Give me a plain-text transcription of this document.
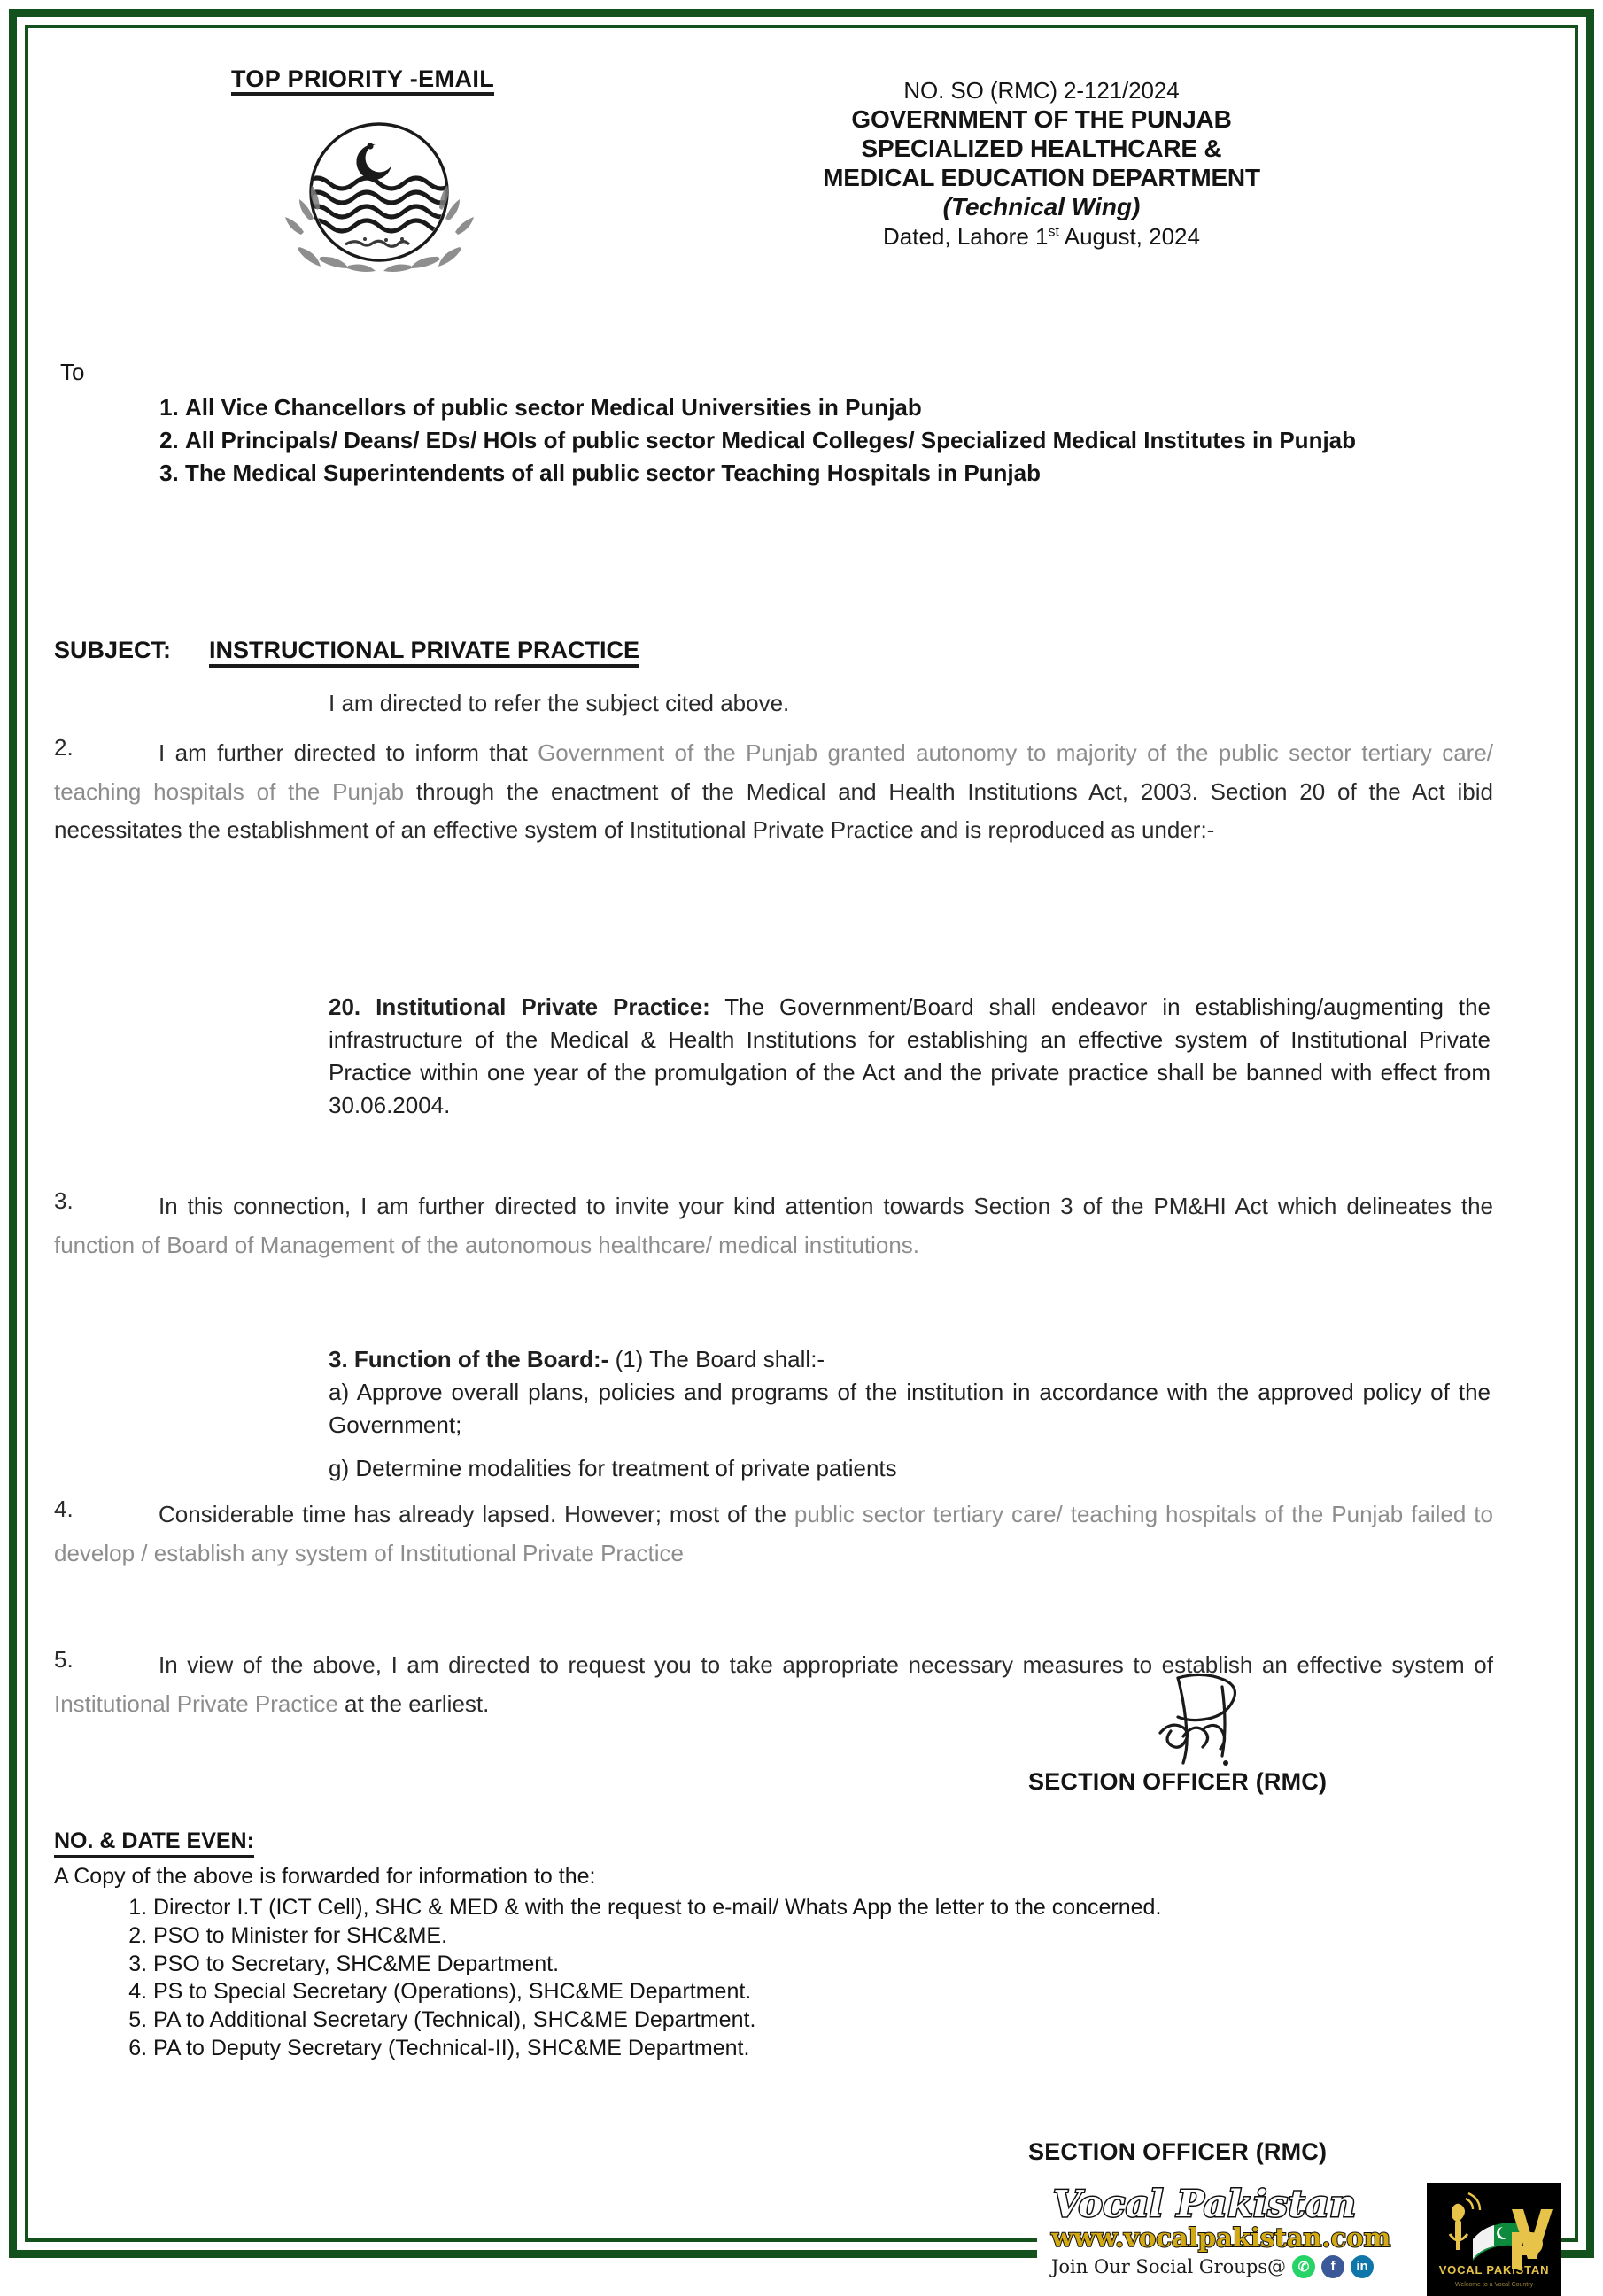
TOP PRIORITY -EMAIL	NO. SO (RMC) 2-121/2024
GOVERNMENT OF THE PUNJAB
SPECIALIZED HEALTHCARE &
MEDICAL EDUCATION DEPARTMENT
(Technical Wing)
Dated, Lahore 1st August, 2024
To
1. All Vice Chancellors of public sector Medical Universities in Punjab
2. All Principals/ Deans/ EDs/ HOIs of public sector Medical Colleges/ Specialized Medical Institutes in Punjab
3. The Medical Superintendents of all public sector Teaching Hospitals in Punjab
SUBJECT: INSTRUCTIONAL PRIVATE PRACTICE
I am directed to refer the subject cited above.
2.	I am further directed to inform that Government of the Punjab granted autonomy to majority of the public sector tertiary care/ teaching hospitals of the Punjab through the enactment of the Medical and Health Institutions Act, 2003. Section 20 of the Act ibid necessitates the establishment of an effective system of Institutional Private Practice and is reproduced as under:-
20. Institutional Private Practice: The Government/Board shall endeavor in establishing/augmenting the infrastructure of the Medical & Health Institutions for establishing an effective system of Institutional Private Practice within one year of the promulgation of the Act and the private practice shall be banned with effect from 30.06.2004.
3.	In this connection, I am further directed to invite your kind attention towards Section 3 of the PM&HI Act which delineates the function of Board of Management of the autonomous healthcare/ medical institutions.
3. Function of the Board:- (1) The Board shall:-
a) Approve overall plans, policies and programs of the institution in accordance with the approved policy of the Government;
g) Determine modalities for treatment of private patients
4.	Considerable time has already lapsed. However; most of the public sector tertiary care/ teaching hospitals of the Punjab failed to develop / establish any system of Institutional Private Practice
5.	In view of the above, I am directed to request you to take appropriate necessary measures to establish an effective system of Institutional Private Practice at the earliest.
SECTION OFFICER (RMC)
NO. & DATE EVEN:
A Copy of the above is forwarded for information to the:
1. Director I.T (ICT Cell), SHC & MED & with the request to e-mail/ Whats App the letter to the concerned.
2. PSO to Minister for SHC&ME.
3. PSO to Secretary, SHC&ME Department.
4. PS to Special Secretary (Operations), SHC&ME Department.
5. PA to Additional Secretary (Technical), SHC&ME Department.
6. PA to Deputy Secretary (Technical-II), SHC&ME Department.
SECTION OFFICER (RMC)
Vocal Pakistan
www.vocalpakistan.com
Join Our Social Groups@ ✆	f	in	VOCAL PAKISTAN
Welcome to a Vocal Country
